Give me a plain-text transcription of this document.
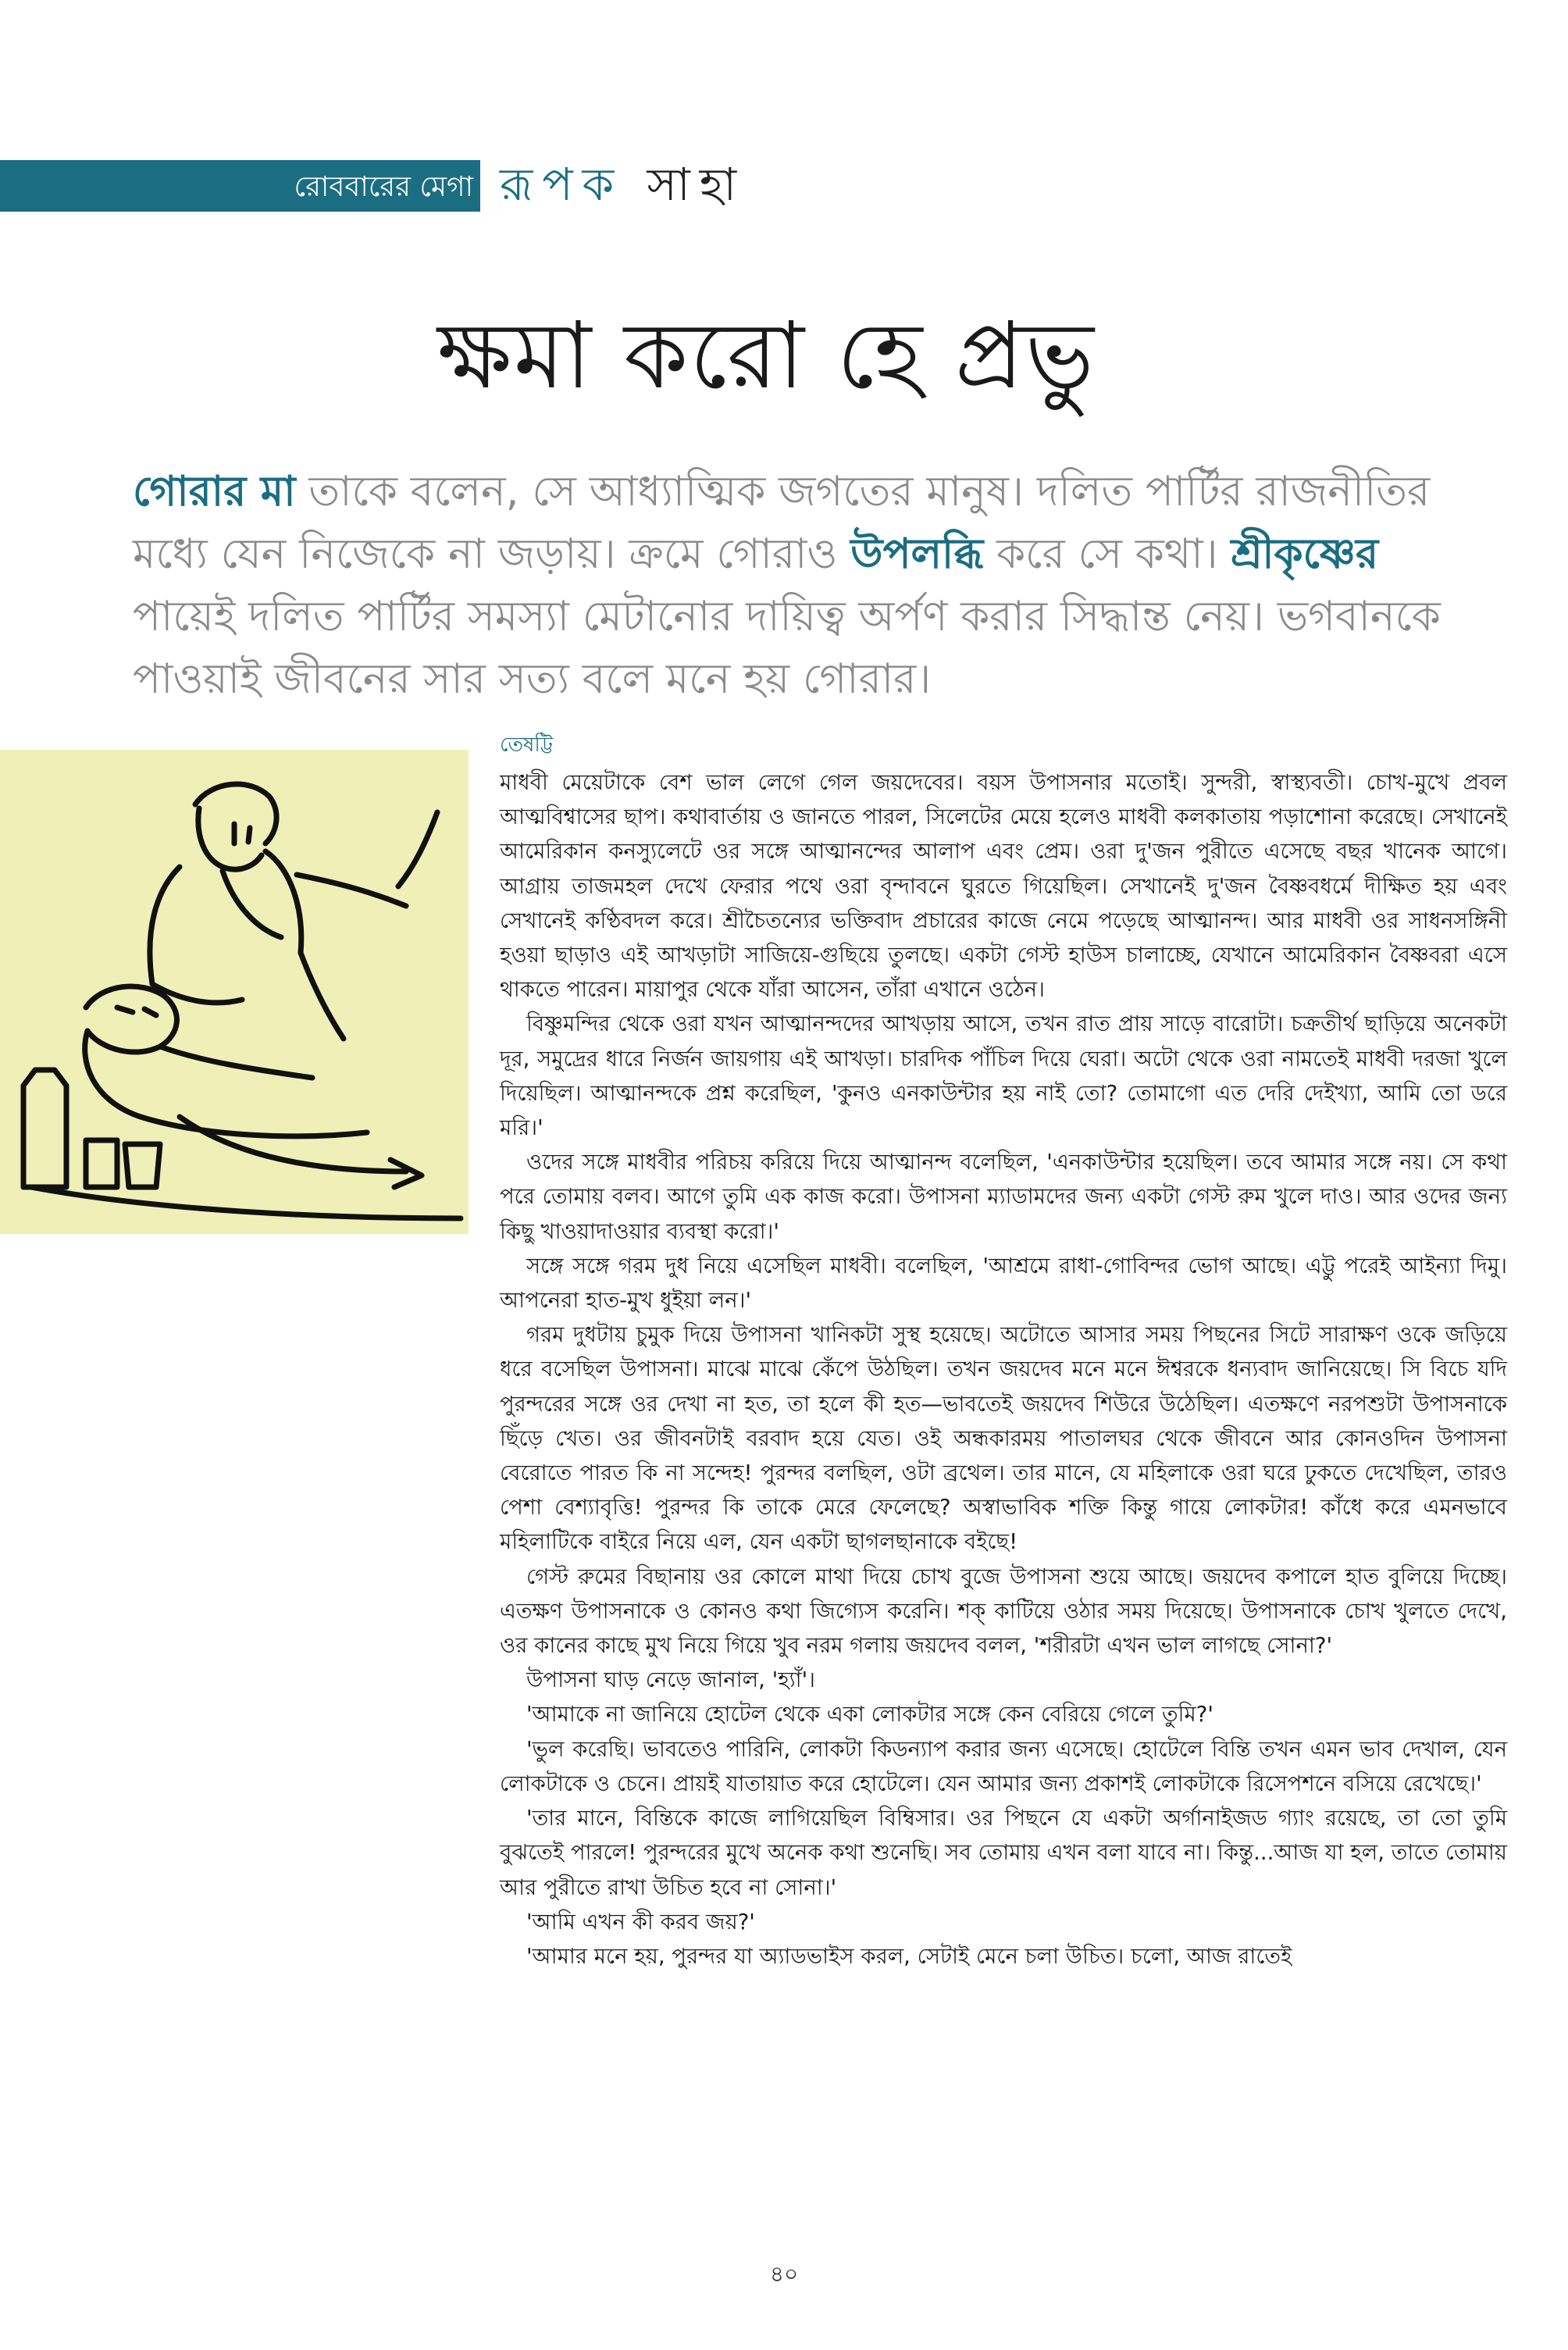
রোববারের মেগা রূপক সাহা
ক্ষমা করো হে প্রভু
গোরার মা তাকে বলেন, সে আধ্যাত্মিক জগতের মানুষ। দলিত পার্টির রাজনীতির মধ্যে যেন নিজেকে না জড়ায়। ক্রমে গোরাও উপলব্ধি করে সে কথা। শ্রীকৃষ্ণের পায়েই দলিত পার্টির সমস্যা মেটানোর দায়িত্ব অর্পণ করার সিদ্ধান্ত নেয়। ভগবানকে পাওয়াই জীবনের সার সত্য বলে মনে হয় গোরার।
তেষট্টি

মাধবী মেয়েটাকে বেশ ভাল লেগে গেল জয়দেবের। বয়স উপাসনার মতোই। সুন্দরী, স্বাস্থ্যবতী। চোখ-মুখে প্রবল আত্মবিশ্বাসের ছাপ। কথাবার্তায় ও জানতে পারল, সিলেটের মেয়ে হলেও মাধবী কলকাতায় পড়াশোনা করেছে। সেখানেই আমেরিকান কনস্যুলেটে ওর সঙ্গে আত্মানন্দের আলাপ এবং প্রেম। ওরা দু'জন পুরীতে এসেছে বছর খানেক আগে। আগ্রায় তাজমহল দেখে ফেরার পথে ওরা বৃন্দাবনে ঘুরতে গিয়েছিল। সেখানেই দু'জন বৈষ্ণবধর্মে দীক্ষিত হয় এবং সেখানেই কণ্ঠিবদল করে। শ্রীচৈতন্যের ভক্তিবাদ প্রচারের কাজে নেমে পড়েছে আত্মানন্দ। আর মাধবী ওর সাধনসঙ্গিনী হওয়া ছাড়াও এই আখড়াটা সাজিয়ে-গুছিয়ে তুলছে। একটা গেস্ট হাউস চালাচ্ছে, যেখানে আমেরিকান বৈষ্ণবরা এসে থাকতে পারেন। মায়াপুর থেকে যাঁরা আসেন, তাঁরা এখানে ওঠেন।

বিষ্ণুমন্দির থেকে ওরা যখন আত্মানন্দদের আখড়ায় আসে, তখন রাত প্রায় সাড়ে বারোটা। চক্রতীর্থ ছাড়িয়ে অনেকটা দূর, সমুদ্রের ধারে নির্জন জায়গায় এই আখড়া। চারদিক পাঁচিল দিয়ে ঘেরা। অটো থেকে ওরা নামতেই মাধবী দরজা খুলে দিয়েছিল। আত্মানন্দকে প্রশ্ন করেছিল, 'কুনও এনকাউন্টার হয় নাই তো? তোমাগো এত দেরি দেইখ্যা, আমি তো ডরে মরি।'

ওদের সঙ্গে মাধবীর পরিচয় করিয়ে দিয়ে আত্মানন্দ বলেছিল, 'এনকাউন্টার হয়েছিল। তবে আমার সঙ্গে নয়। সে কথা পরে তোমায় বলব। আগে তুমি এক কাজ করো। উপাসনা ম্যাডামদের জন্য একটা গেস্ট রুম খুলে দাও। আর ওদের জন্য কিছু খাওয়াদাওয়ার ব্যবস্থা করো।'

সঙ্গে সঙ্গে গরম দুধ নিয়ে এসেছিল মাধবী। বলেছিল, 'আশ্রমে রাধা-গোবিন্দর ভোগ আছে। এট্টু পরেই আইন্যা দিমু। আপনেরা হাত-মুখ ধুইয়া লন।'

গরম দুধটায় চুমুক দিয়ে উপাসনা খানিকটা সুস্থ হয়েছে। অটোতে আসার সময় পিছনের সিটে সারাক্ষণ ওকে জড়িয়ে ধরে বসেছিল উপাসনা। মাঝে মাঝে কেঁপে উঠছিল। তখন জয়দেব মনে মনে ঈশ্বরকে ধন্যবাদ জানিয়েছে। সি বিচে যদি পুরন্দরের সঙ্গে ওর দেখা না হত, তা হলে কী হত—ভাবতেই জয়দেব শিউরে উঠেছিল। এতক্ষণে নরপশুটা উপাসনাকে ছিঁড়ে খেত। ওর জীবনটাই বরবাদ হয়ে যেত। ওই অন্ধকারময় পাতালঘর থেকে জীবনে আর কোনওদিন উপাসনা বেরোতে পারত কি না সন্দেহ! পুরন্দর বলছিল, ওটা ব্রথেল। তার মানে, যে মহিলাকে ওরা ঘরে ঢুকতে দেখেছিল, তারও পেশা বেশ্যাবৃত্তি! পুরন্দর কি তাকে মেরে ফেলেছে? অস্বাভাবিক শক্তি কিন্তু গায়ে লোকটার! কাঁধে করে এমনভাবে মহিলাটিকে বাইরে নিয়ে এল, যেন একটা ছাগলছানাকে বইছে!

গেস্ট রুমের বিছানায় ওর কোলে মাথা দিয়ে চোখ বুজে উপাসনা শুয়ে আছে। জয়দেব কপালে হাত বুলিয়ে দিচ্ছে। এতক্ষণ উপাসনাকে ও কোনও কথা জিগ্যেস করেনি। শক্ কাটিয়ে ওঠার সময় দিয়েছে। উপাসনাকে চোখ খুলতে দেখে, ওর কানের কাছে মুখ নিয়ে গিয়ে খুব নরম গলায় জয়দেব বলল, 'শরীরটা এখন ভাল লাগছে সোনা?'

উপাসনা ঘাড় নেড়ে জানাল, 'হ্যাঁ'।

'আমাকে না জানিয়ে হোটেল থেকে একা লোকটার সঙ্গে কেন বেরিয়ে গেলে তুমি?'

'ভুল করেছি। ভাবতেও পারিনি, লোকটা কিডন্যাপ করার জন্য এসেছে। হোটেলে বিন্তি তখন এমন ভাব দেখাল, যেন লোকটাকে ও চেনে। প্রায়ই যাতায়াত করে হোটেলে। যেন আমার জন্য প্রকাশই লোকটাকে রিসেপশনে বসিয়ে রেখেছে।'

'তার মানে, বিন্তিকে কাজে লাগিয়েছিল বিম্বিসার। ওর পিছনে যে একটা অর্গানাইজড গ্যাং রয়েছে, তা তো তুমি বুঝতেই পারলে! পুরন্দরের মুখে অনেক কথা শুনেছি। সব তোমায় এখন বলা যাবে না। কিন্তু...আজ যা হল, তাতে তোমায় আর পুরীতে রাখা উচিত হবে না সোনা।'

'আমি এখন কী করব জয়?'

'আমার মনে হয়, পুরন্দর যা অ্যাডভাইস করল, সেটাই মেনে চলা উচিত। চলো, আজ রাতেই

৪০
